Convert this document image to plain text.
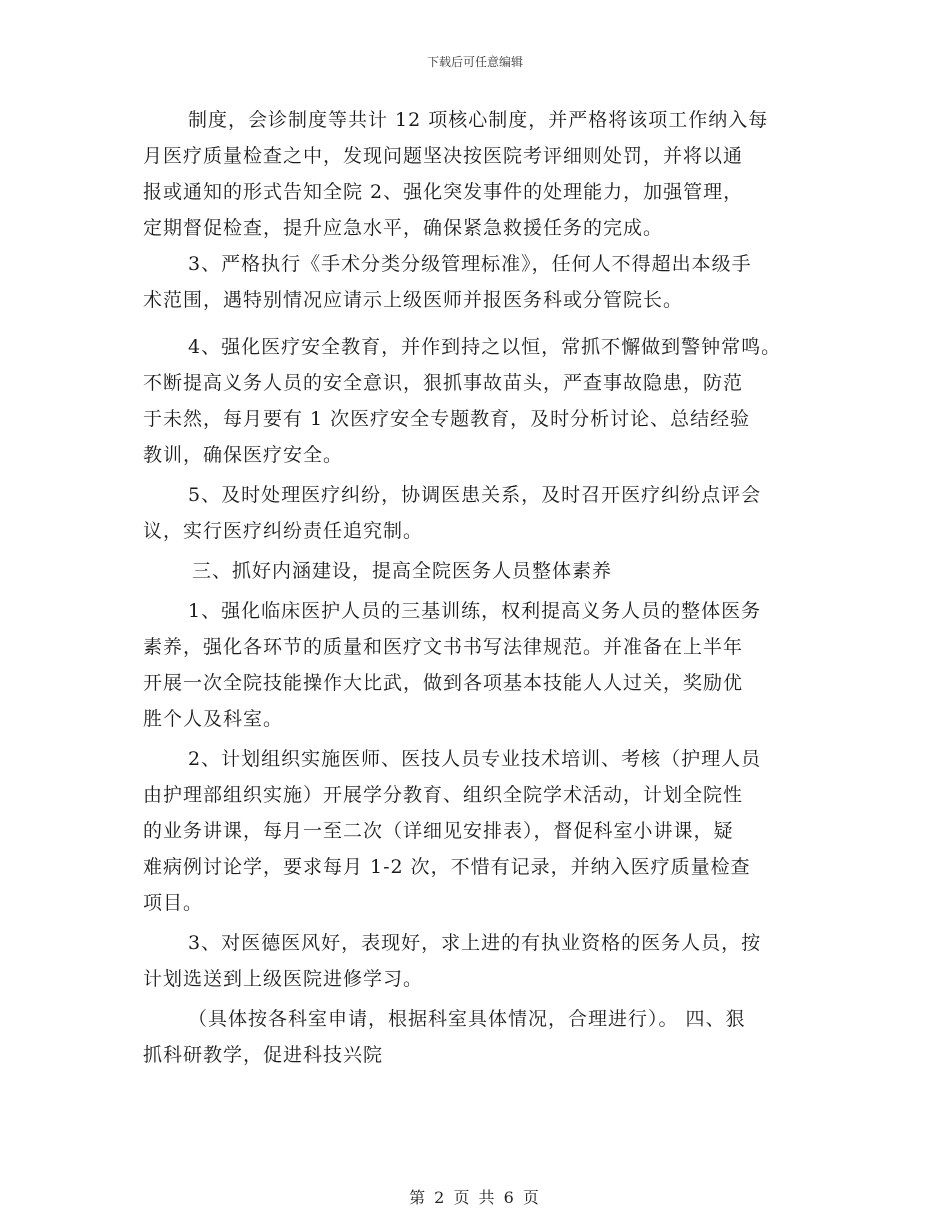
下载后可任意编辑
制度，会诊制度等共计 12 项核心制度，并严格将该项工作纳入每
月医疗质量检查之中，发现问题坚决按医院考评细则处罚，并将以通
报或通知的形式告知全院 2、强化突发事件的处理能力，加强管理，
定期督促检查，提升应急水平，确保紧急救援任务的完成。
3、严格执行《手术分类分级管理标准》，任何人不得超出本级手
术范围，遇特别情况应请示上级医师并报医务科或分管院长。
4、强化医疗安全教育，并作到持之以恒，常抓不懈做到警钟常鸣。
不断提高义务人员的安全意识，狠抓事故苗头，严查事故隐患，防范
于未然，每月要有 1 次医疗安全专题教育，及时分析讨论、总结经验
教训，确保医疗安全。
5、及时处理医疗纠纷，协调医患关系，及时召开医疗纠纷点评会
议，实行医疗纠纷责任追究制。
三、抓好内涵建设，提高全院医务人员整体素养
1、强化临床医护人员的三基训练，权利提高义务人员的整体医务
素养，强化各环节的质量和医疗文书书写法律规范。并准备在上半年
开展一次全院技能操作大比武，做到各项基本技能人人过关，奖励优
胜个人及科室。
2、计划组织实施医师、医技人员专业技术培训、考核（护理人员
由护理部组织实施）开展学分教育、组织全院学术活动，计划全院性
的业务讲课，每月一至二次（详细见安排表），督促科室小讲课，疑
难病例讨论学，要求每月 1-2 次，不惜有记录，并纳入医疗质量检查
项目。
3、对医德医风好，表现好，求上进的有执业资格的医务人员，按
计划选送到上级医院进修学习。
（具体按各科室申请，根据科室具体情况，合理进行）。 四、狠
抓科研教学，促进科技兴院
第 2 页 共 6 页
